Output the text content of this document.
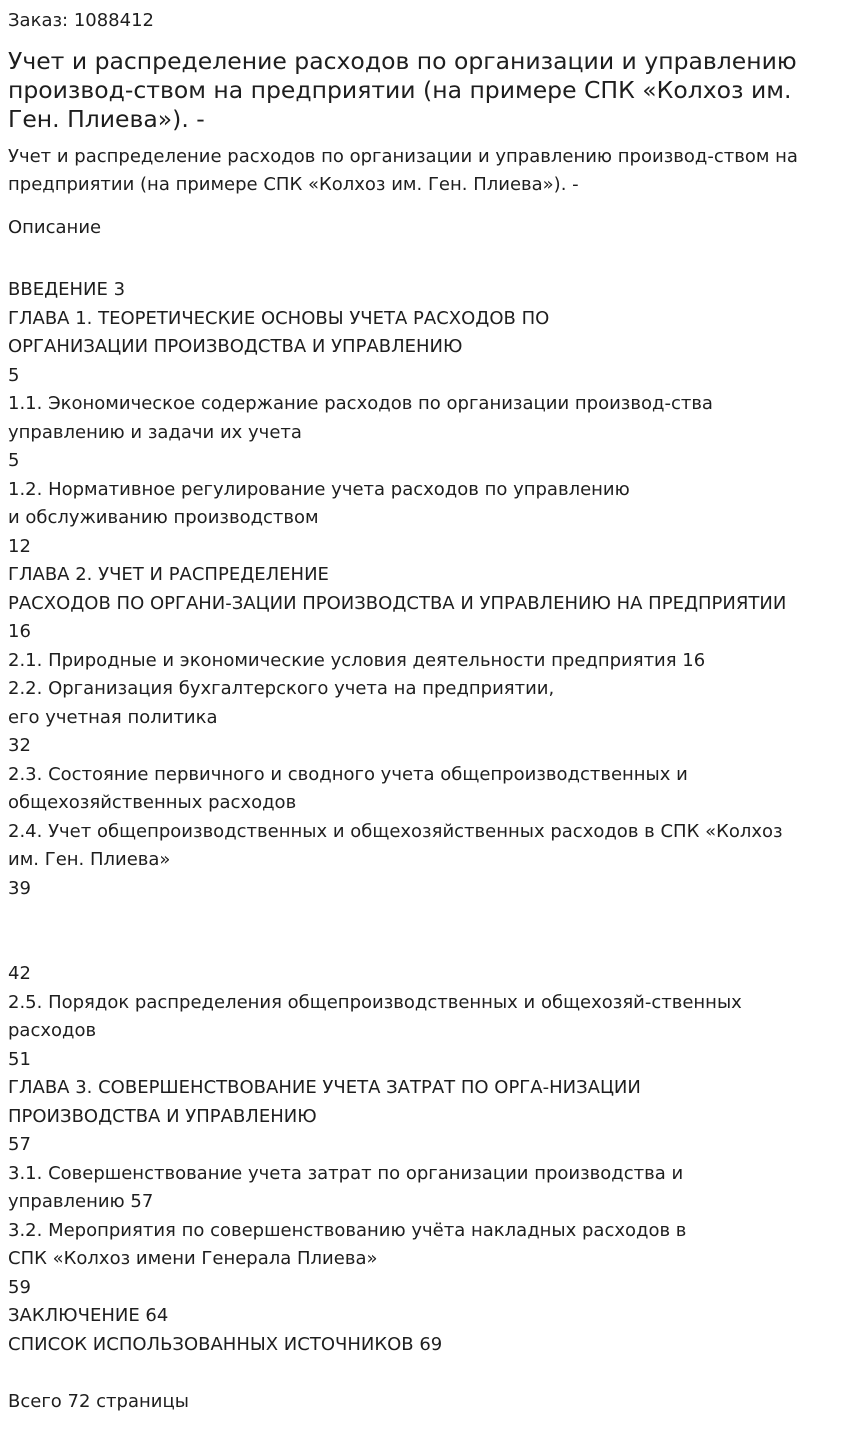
Заказ: 1088412
Учет и распределение расходов по организации и управлению производ-ством на предприятии (на примере СПК «Колхоз им. Ген. Плиева»). -

Учет и распределение расходов по организации и управлению производ-ством на предприятии (на примере СПК «Колхоз им. Ген. Плиева»). -

Описание
ВВЕДЕНИЕ 3
ГЛАВА 1. ТЕОРЕТИЧЕСКИЕ ОСНОВЫ УЧЕТА РАСХОДОВ ПО
ОРГАНИЗАЦИИ ПРОИЗВОДСТВА И УПРАВЛЕНИЮ
5
1.1. Экономическое содержание расходов по организации производ-ства
управлению и задачи их учета
5
1.2. Нормативное регулирование учета расходов по управлению
и обслуживанию производством
12
ГЛАВА 2. УЧЕТ И РАСПРЕДЕЛЕНИЕ
РАСХОДОВ ПО ОРГАНИ-ЗАЦИИ ПРОИЗВОДСТВА И УПРАВЛЕНИЮ НА ПРЕДПРИЯТИИ
16
2.1. Природные и экономические условия деятельности предприятия 16
2.2. Организация бухгалтерского учета на предприятии,
его учетная политика
32
2.3. Состояние первичного и сводного учета общепроизводственных и
общехозяйственных расходов
2.4. Учет общепроизводственных и общехозяйственных расходов в СПК «Колхоз
им. Ген. Плиева»
39
42
2.5. Порядок распределения общепроизводственных и общехозяй-ственных
расходов
51
ГЛАВА 3. СОВЕРШЕНСТВОВАНИЕ УЧЕТА ЗАТРАТ ПО ОРГА-НИЗАЦИИ
ПРОИЗВОДСТВА И УПРАВЛЕНИЮ
57
3.1. Совершенствование учета затрат по организации производства и
управлению 57
3.2. Мероприятия по совершенствованию учёта накладных расходов в
СПК «Колхоз имени Генерала Плиева»
59
ЗАКЛЮЧЕНИЕ 64
СПИСОК ИСПОЛЬЗОВАННЫХ ИСТОЧНИКОВ 69
Всего 72 страницы
